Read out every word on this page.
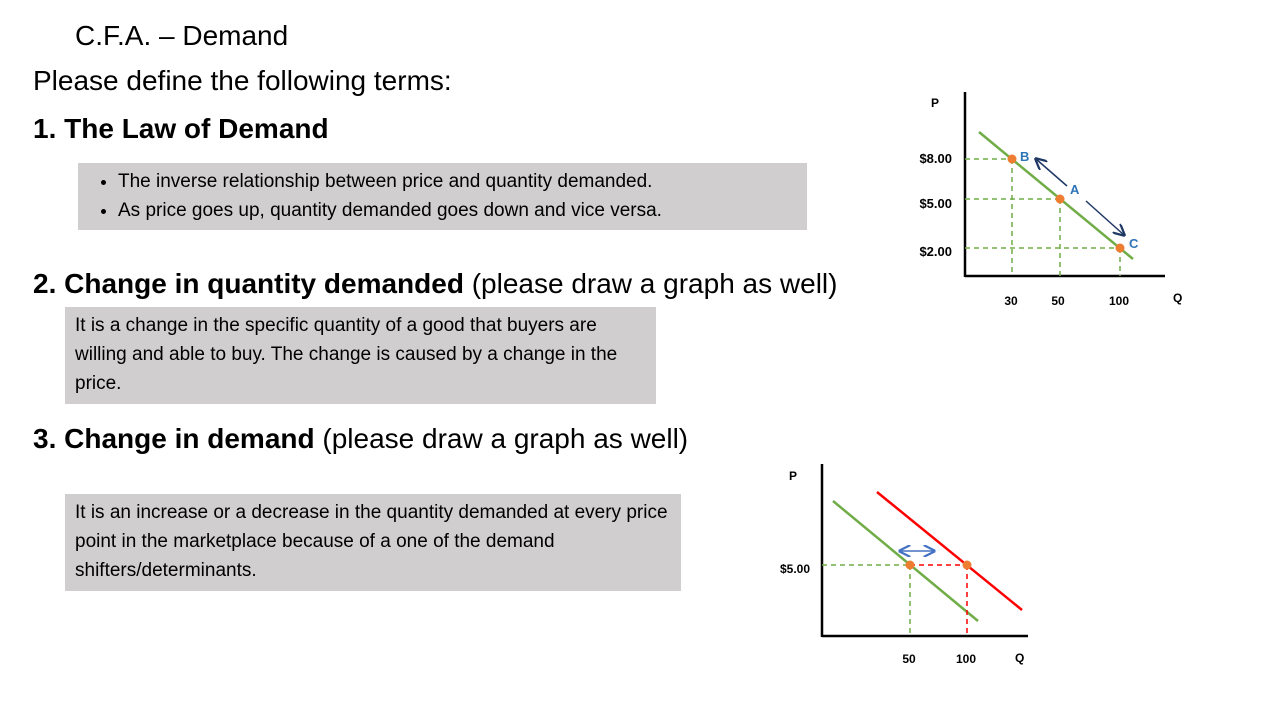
C.F.A. – Demand
Please define the following terms:
1. The Law of Demand
• The inverse relationship between price and quantity demanded.
• As price goes up, quantity demanded goes down and vice versa.
2. Change in quantity demanded (please draw a graph as well)
It is a change in the specific quantity of a good that buyers are willing and able to buy. The change is caused by a change in the price.
3. Change in demand (please draw a graph as well)
It is an increase or a decrease in the quantity demanded at every price point in the marketplace because of a one of the demand shifters/determinants.
B
A
C
P
Q
$8.00
$5.00
$2.00
30	50	100
P
Q
$5.00
50	100
